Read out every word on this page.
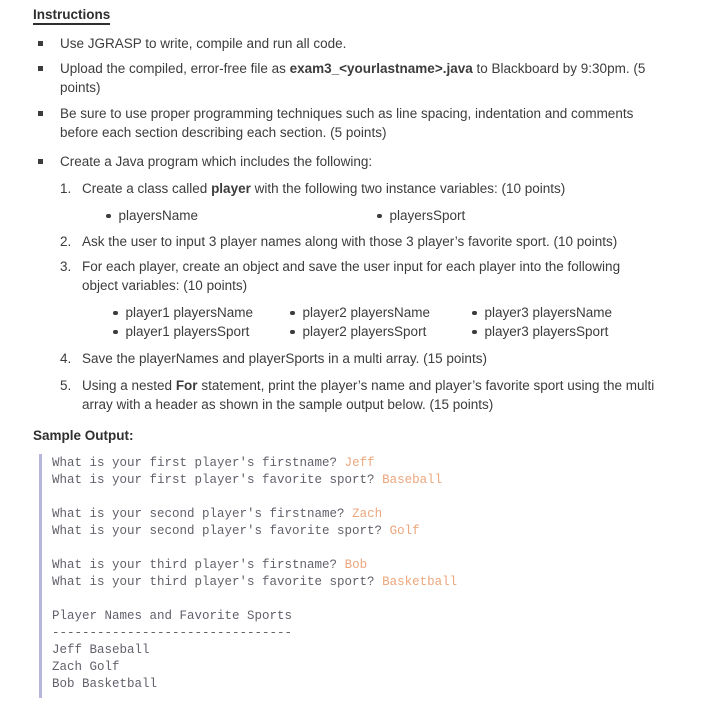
Instructions
Use JGRASP to write, compile and run all code.
Upload the compiled, error-free file as exam3_<yourlastname>.java to Blackboard by 9:30pm. (5
points)
Be sure to use proper programming techniques such as line spacing, indentation and comments
before each section describing each section. (5 points)
Create a Java program which includes the following:
1. Create a class called player with the following two instance variables: (10 points)
playersName	playersSport
2. Ask the user to input 3 player names along with those 3 player’s favorite sport. (10 points)
3. For each player, create an object and save the user input for each player into the following
object variables: (10 points)
player1 playersName	player2 playersName	player3 playersName
player1 playersSport	player2 playersSport	player3 playersSport
4. Save the playerNames and playerSports in a multi array. (15 points)
5. Using a nested For statement, print the player’s name and player’s favorite sport using the multi
array with a header as shown in the sample output below. (15 points)
Sample Output:
What is your first player's firstname? Jeff
What is your first player's favorite sport? Baseball

What is your second player's firstname? Zach
What is your second player's favorite sport? Golf

What is your third player's firstname? Bob
What is your third player's favorite sport? Basketball

Player Names and Favorite Sports
--------------------------------
Jeff Baseball
Zach Golf
Bob Basketball
